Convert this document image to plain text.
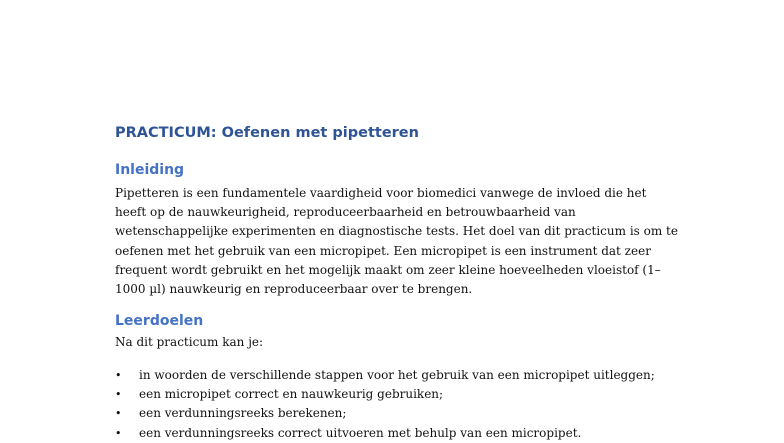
PRACTICUM: Oefenen met pipetteren
Inleiding
Pipetteren is een fundamentele vaardigheid voor biomedici vanwege de invloed die het
heeft op de nauwkeurigheid, reproduceerbaarheid en betrouwbaarheid van
wetenschappelijke experimenten en diagnostische tests. Het doel van dit practicum is om te
oefenen met het gebruik van een micropipet. Een micropipet is een instrument dat zeer
frequent wordt gebruikt en het mogelijk maakt om zeer kleine hoeveelheden vloeistof (1–
1000 µl) nauwkeurig en reproduceerbaar over te brengen.
Leerdoelen
Na dit practicum kan je:
• in woorden de verschillende stappen voor het gebruik van een micropipet uitleggen;
• een micropipet correct en nauwkeurig gebruiken;
• een verdunningsreeks berekenen;
• een verdunningsreeks correct uitvoeren met behulp van een micropipet.
